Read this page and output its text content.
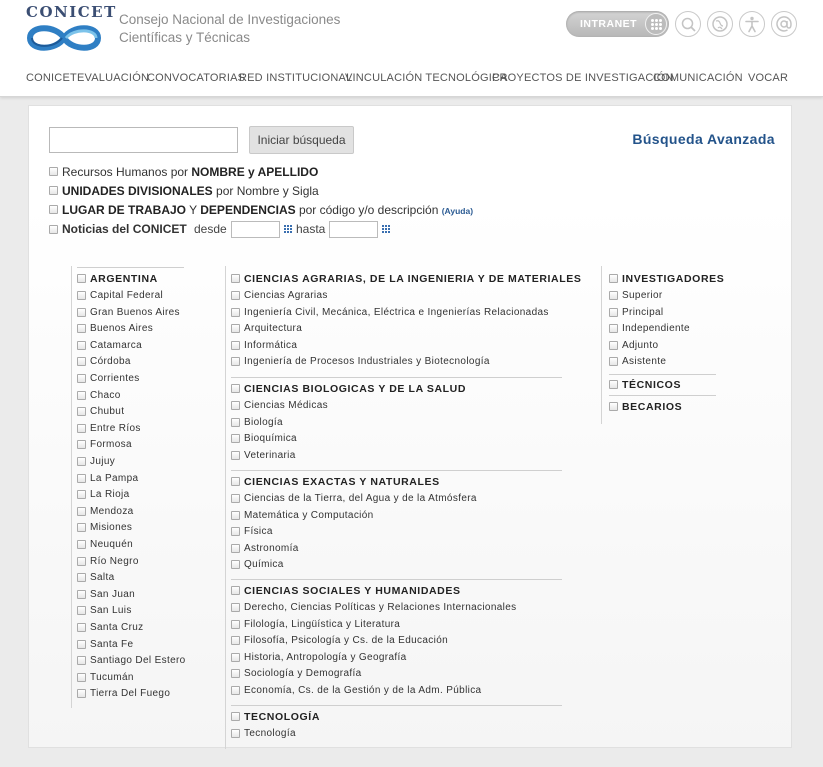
CONICET Consejo Nacional de Investigaciones
Científicas y Técnicas
INTRANET
CONICET EVALUACIÓN
CONVOCATORIAS
RED INSTITUCIONAL
VINCULACIÓN TECNOLÓGICA
PROYECTOS DE INVESTIGACIÓN
COMUNICACIÓN VOCAR
Iniciar búsqueda	Búsqueda Avanzada
Recursos Humanos por NOMBRE y APELLIDO
UNIDADES DIVISIONALES por Nombre y Sigla
LUGAR DE TRABAJO Y DEPENDENCIAS por código y/o descripción (Ayuda)
Noticias del CONICET desde	hasta
ARGENTINA
Capital Federal
Gran Buenos Aires
Buenos Aires
Catamarca
Córdoba
Corrientes
Chaco
Chubut
Entre Ríos
Formosa
Jujuy
La Pampa
La Rioja
Mendoza
Misiones
Neuquén
Río Negro
Salta
San Juan
San Luis
Santa Cruz
Santa Fe
Santiago Del Estero
Tucumán
Tierra Del Fuego
CIENCIAS AGRARIAS, DE LA INGENIERIA Y DE MATERIALES
CIENCIAS BIOLOGICAS Y DE LA SALUD
CIENCIAS EXACTAS Y NATURALES
CIENCIAS SOCIALES Y HUMANIDADES
TECNOLOGÍA
Ciencias Agrarias
Ingeniería Civil, Mecánica, Eléctrica e Ingenierías Relacionadas
Arquitectura
Informática
Ingeniería de Procesos Industriales y Biotecnología
Ciencias Médicas
Biología
Bioquímica
Veterinaria
Ciencias de la Tierra, del Agua y de la Atmósfera
Matemática y Computación
Física
Astronomía
Química
Derecho, Ciencias Políticas y Relaciones Internacionales
Filología, Lingüística y Literatura
Filosofía, Psicología y Cs. de la Educación
Historia, Antropología y Geografía
Sociología y Demografía
Economía, Cs. de la Gestión y de la Adm. Pública
Tecnología
INVESTIGADORES
TÉCNICOS
BECARIOS
Superior
Principal
Independiente
Adjunto
Asistente
